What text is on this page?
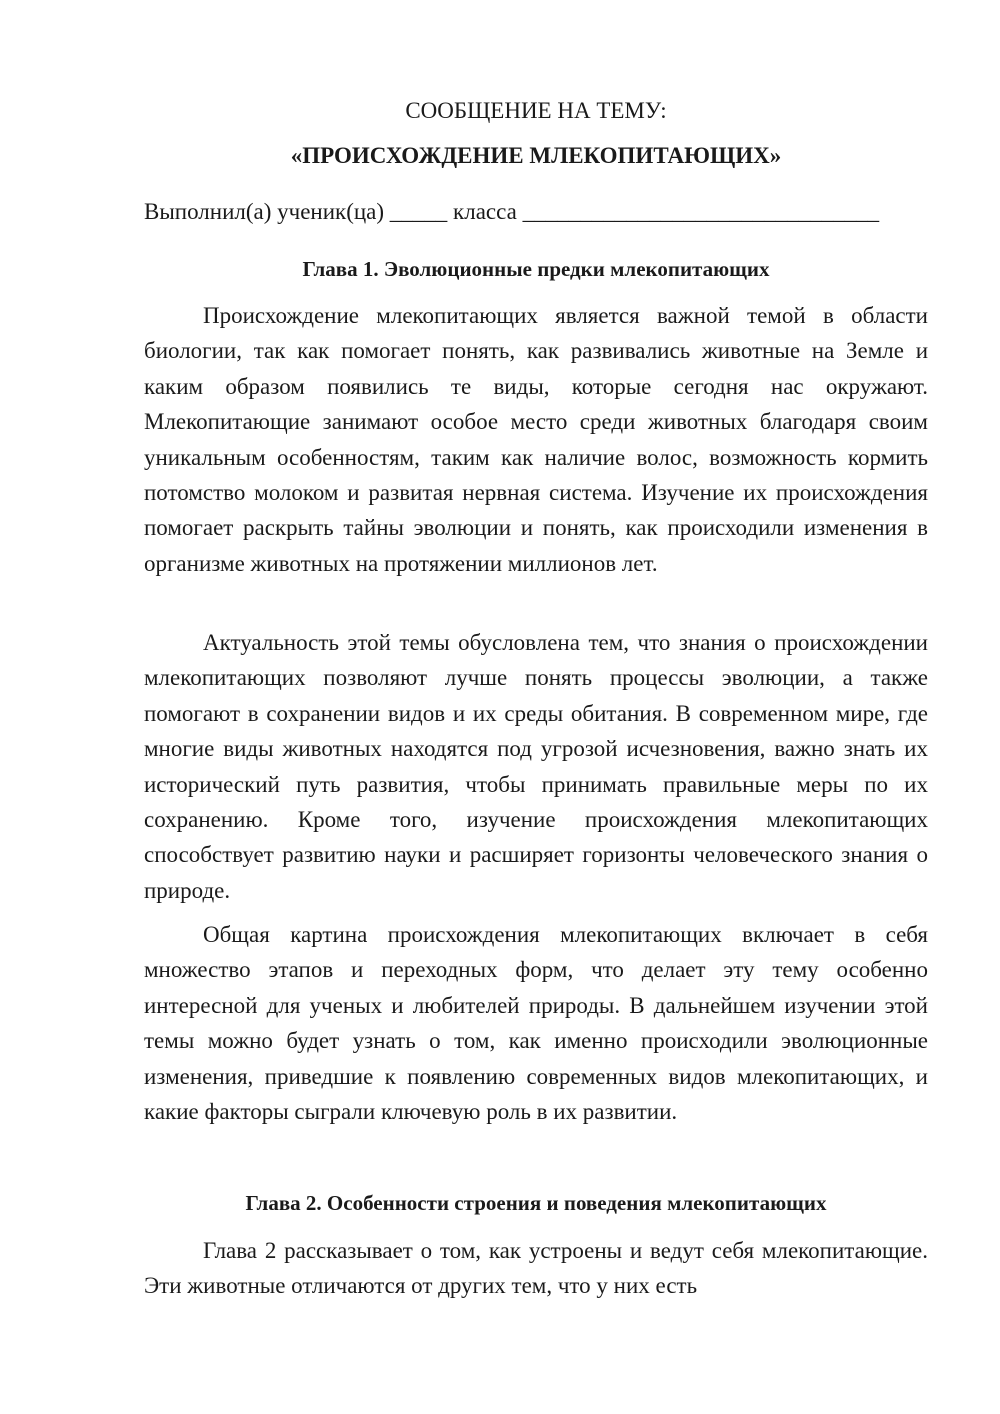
СООБЩЕНИЕ НА ТЕМУ:
«ПРОИСХОЖДЕНИЕ МЛЕКОПИТАЮЩИХ»
Выполнил(а) ученик(ца) _____ класса _______________________________
Глава 1. Эволюционные предки млекопитающих

Происхождение млекопитающих является важной темой в области биологии, так как помогает понять, как развивались животные на Земле и каким образом появились те виды, которые сегодня нас окружают. Млекопитающие занимают особое место среди животных благодаря своим уникальным особенностям, таким как наличие волос, возможность кормить потомство молоком и развитая нервная система. Изучение их происхождения помогает раскрыть тайны эволюции и понять, как происходили изменения в организме животных на протяжении миллионов лет.

Актуальность этой темы обусловлена тем, что знания о происхождении млекопитающих позволяют лучше понять процессы эволюции, а также помогают в сохранении видов и их среды обитания. В современном мире, где многие виды животных находятся под угрозой исчезновения, важно знать их исторический путь развития, чтобы принимать правильные меры по их сохранению. Кроме того, изучение происхождения млекопитающих способствует развитию науки и расширяет горизонты человеческого знания о природе.

Общая картина происхождения млекопитающих включает в себя множество этапов и переходных форм, что делает эту тему особенно интересной для ученых и любителей природы. В дальнейшем изучении этой темы можно будет узнать о том, как именно происходили эволюционные изменения, приведшие к появлению современных видов млекопитающих, и какие факторы сыграли ключевую роль в их развитии.

Глава 2. Особенности строения и поведения млекопитающих

Глава 2 рассказывает о том, как устроены и ведут себя млекопитающие. Эти животные отличаются от других тем, что у них есть
